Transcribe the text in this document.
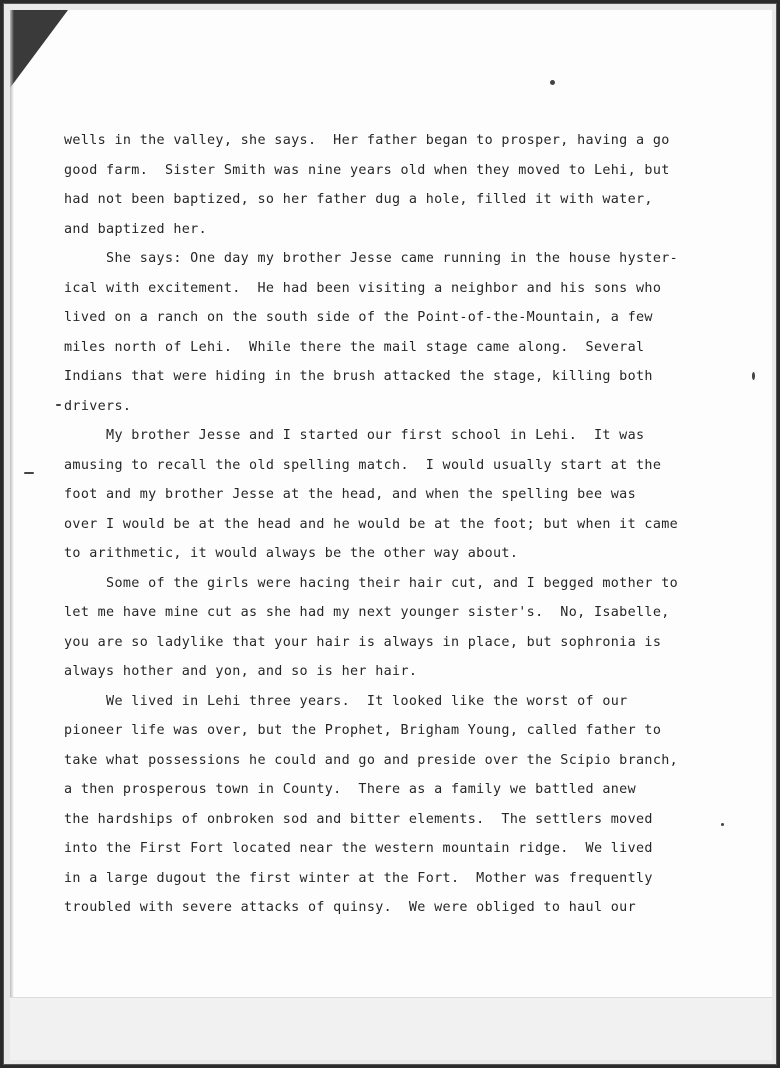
wells in the valley, she says.  Her father began to prosper, having a go
good farm.  Sister Smith was nine years old when they moved to Lehi, but
had not been baptized, so her father dug a hole, filled it with water,
and baptized her.
She says: One day my brother Jesse came running in the house hyster-
ical with excitement.  He had been visiting a neighbor and his sons who
lived on a ranch on the south side of the Point-of-the-Mountain, a few
miles north of Lehi.  While there the mail stage came along.  Several
Indians that were hiding in the brush attacked the stage, killing both
drivers.
My brother Jesse and I started our first school in Lehi.  It was
amusing to recall the old spelling match.  I would usually start at the
foot and my brother Jesse at the head, and when the spelling bee was
over I would be at the head and he would be at the foot; but when it came
to arithmetic, it would always be the other way about.
Some of the girls were hacing their hair cut, and I begged mother to
let me have mine cut as she had my next younger sister's.  No, Isabelle,
you are so ladylike that your hair is always in place, but sophronia is
always hother and yon, and so is her hair.
We lived in Lehi three years.  It looked like the worst of our
pioneer life was over, but the Prophet, Brigham Young, called father to
take what possessions he could and go and preside over the Scipio branch,
a then prosperous town in County.  There as a family we battled anew
the hardships of onbroken sod and bitter elements.  The settlers moved
into the First Fort located near the western mountain ridge.  We lived
in a large dugout the first winter at the Fort.  Mother was frequently
troubled with severe attacks of quinsy.  We were obliged to haul our
